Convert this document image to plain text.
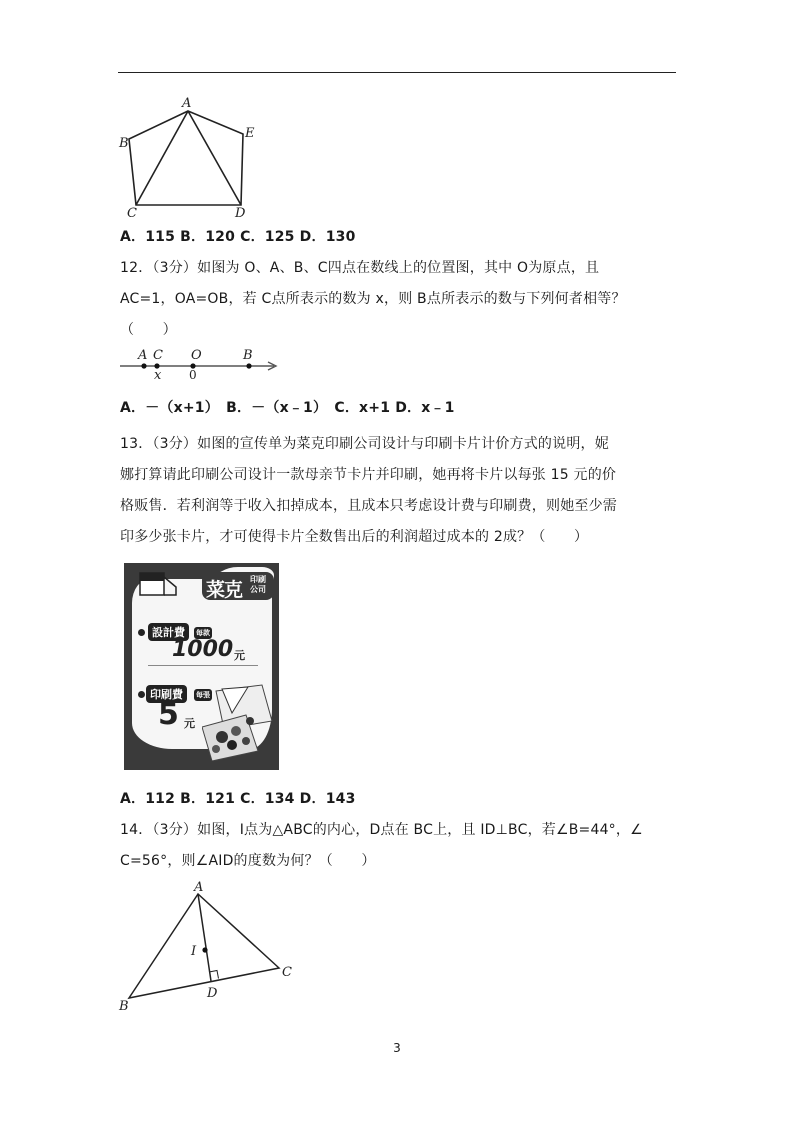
A
B
C	D
E
A．115 B．120 C．125 D．130
12．（3分）如图为 O、A、B、C四点在数线上的位置图，其中 O为原点，且
AC=1，OA=OB，若 C点所表示的数为 x，则 B点所表示的数与下列何者相等？
（　　）
A C O	B
x 0
A．－（x+1）　B．－（x﹣1）　C．x+1 D．x﹣1
13．（3分）如图的宣传单为菜克印刷公司设计与印刷卡片计价方式的说明，妮
娜打算请此印刷公司设计一款母亲节卡片并印刷，她再将卡片以每张 15 元的价
格贩售．若利润等于收入扣掉成本，且成本只考虑设计费与印刷费，则她至少需
印多少张卡片，才可使得卡片全数售出后的利润超过成本的 2成？（　　）
菜克 印刷公司
設計費	每款
1000 元
印刷費	每張
5 元
A．112 B．121 C．134 D．143
14．（3分）如图，I点为△ABC的内心，D点在 BC上，且 ID⊥BC，若∠B=44°，∠
C=56°，则∠AID的度数为何？（　　）
A
I
B
C
D
3
